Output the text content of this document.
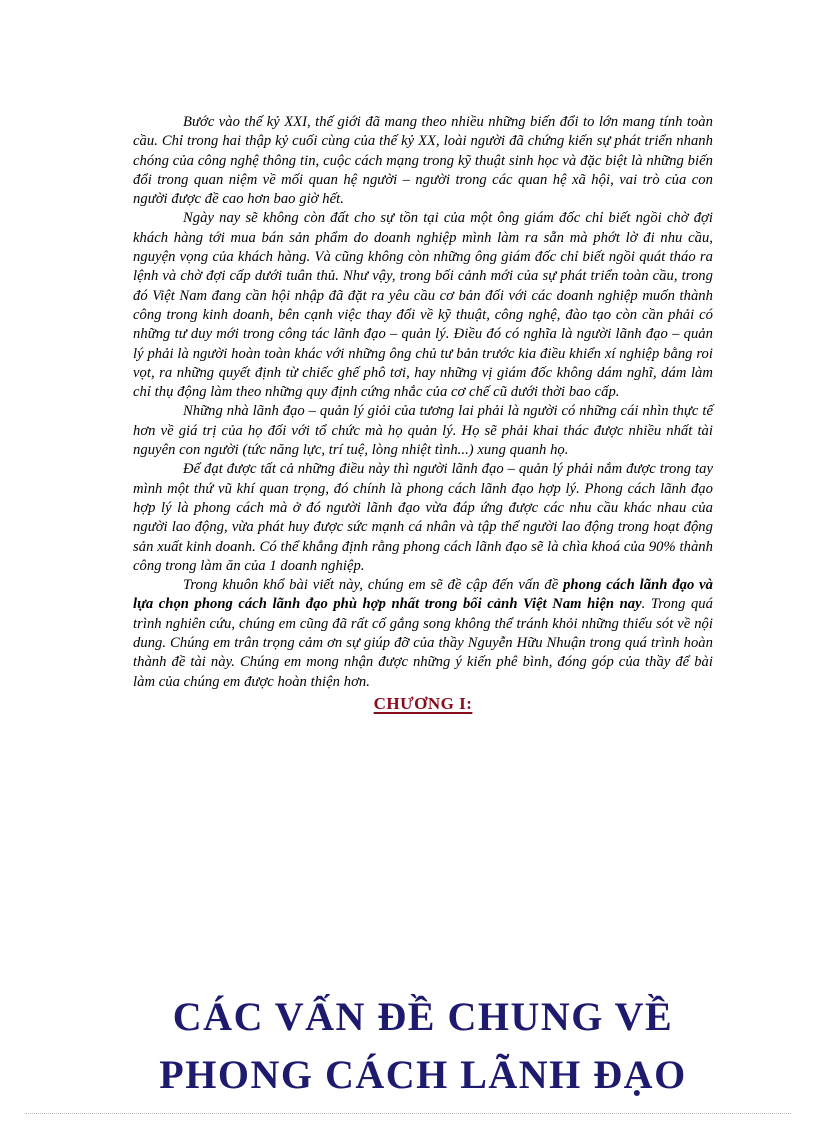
Bước vào thế kỷ XXI, thế giới đã mang theo nhiều những biến đổi to lớn mang tính toàn cầu. Chỉ trong hai thập kỷ cuối cùng của thế kỷ XX, loài người đã chứng kiến sự phát triển nhanh chóng của công nghệ thông tin, cuộc cách mạng trong kỹ thuật sinh học và đặc biệt là những biến đổi trong quan niệm về mối quan hệ người – người trong các quan hệ xã hội, vai trò của con người được đề cao hơn bao giờ hết.

Ngày nay sẽ không còn đất cho sự tồn tại của một ông giám đốc chỉ biết ngồi chờ đợi khách hàng tới mua bán sản phẩm do doanh nghiệp mình làm ra sẵn mà phớt lờ đi nhu cầu, nguyện vọng của khách hàng. Và cũng không còn những ông giám đốc chỉ biết ngồi quát tháo ra lệnh và chờ đợi cấp dưới tuân thủ. Như vậy, trong bối cảnh mới của sự phát triển toàn cầu, trong đó Việt Nam đang cần hội nhập đã đặt ra yêu cầu cơ bản đối với các doanh nghiệp muốn thành công trong kinh doanh, bên cạnh việc thay đổi về kỹ thuật, công nghệ, đào tạo còn cần phải có những tư duy mới trong công tác lãnh đạo – quản lý. Điều đó có nghĩa là người lãnh đạo – quản lý phải là người hoàn toàn khác với những ông chủ tư bản trước kia điều khiển xí nghiệp bằng roi vọt, ra những quyết định từ chiếc ghế phô tơi, hay những vị giám đốc không dám nghĩ, dám làm chỉ thụ động làm theo những quy định cứng nhắc của cơ chế cũ dưới thời bao cấp.

Những nhà lãnh đạo – quản lý giỏi của tương lai phải là người có những cái nhìn thực tế hơn về giá trị của họ đối với tổ chức mà họ quản lý. Họ sẽ phải khai thác được nhiều nhất tài nguyên con người (tức năng lực, trí tuệ, lòng nhiệt tình...) xung quanh họ.

Để đạt được tất cả những điều này thì người lãnh đạo – quản lý phải nắm được trong tay mình một thứ vũ khí quan trọng, đó chính là phong cách lãnh đạo hợp lý. Phong cách lãnh đạo hợp lý là phong cách mà ở đó người lãnh đạo vừa đáp ứng được các nhu cầu khác nhau của người lao động, vừa phát huy được sức mạnh cá nhân và tập thể người lao động trong hoạt động sản xuất kinh doanh. Có thể khẳng định rằng phong cách lãnh đạo sẽ là chìa khoá của 90% thành công trong làm ăn của 1 doanh nghiệp.

Trong khuôn khổ bài viết này, chúng em sẽ đề cập đến vấn đề phong cách lãnh đạo và lựa chọn phong cách lãnh đạo phù hợp nhất trong bối cảnh Việt Nam hiện nay. Trong quá trình nghiên cứu, chúng em cũng đã rất cố gắng song không thể tránh khỏi những thiếu sót về nội dung. Chúng em trân trọng cảm ơn sự giúp đỡ của thầy Nguyễn Hữu Nhuận trong quá trình hoàn thành đề tài này. Chúng em mong nhận được những ý kiến phê bình, đóng góp của thầy để bài làm của chúng em được hoàn thiện hơn.

CHƯƠNG I:
CÁC VẤN ĐỀ CHUNG VỀ
PHONG CÁCH LÃNH ĐẠO
